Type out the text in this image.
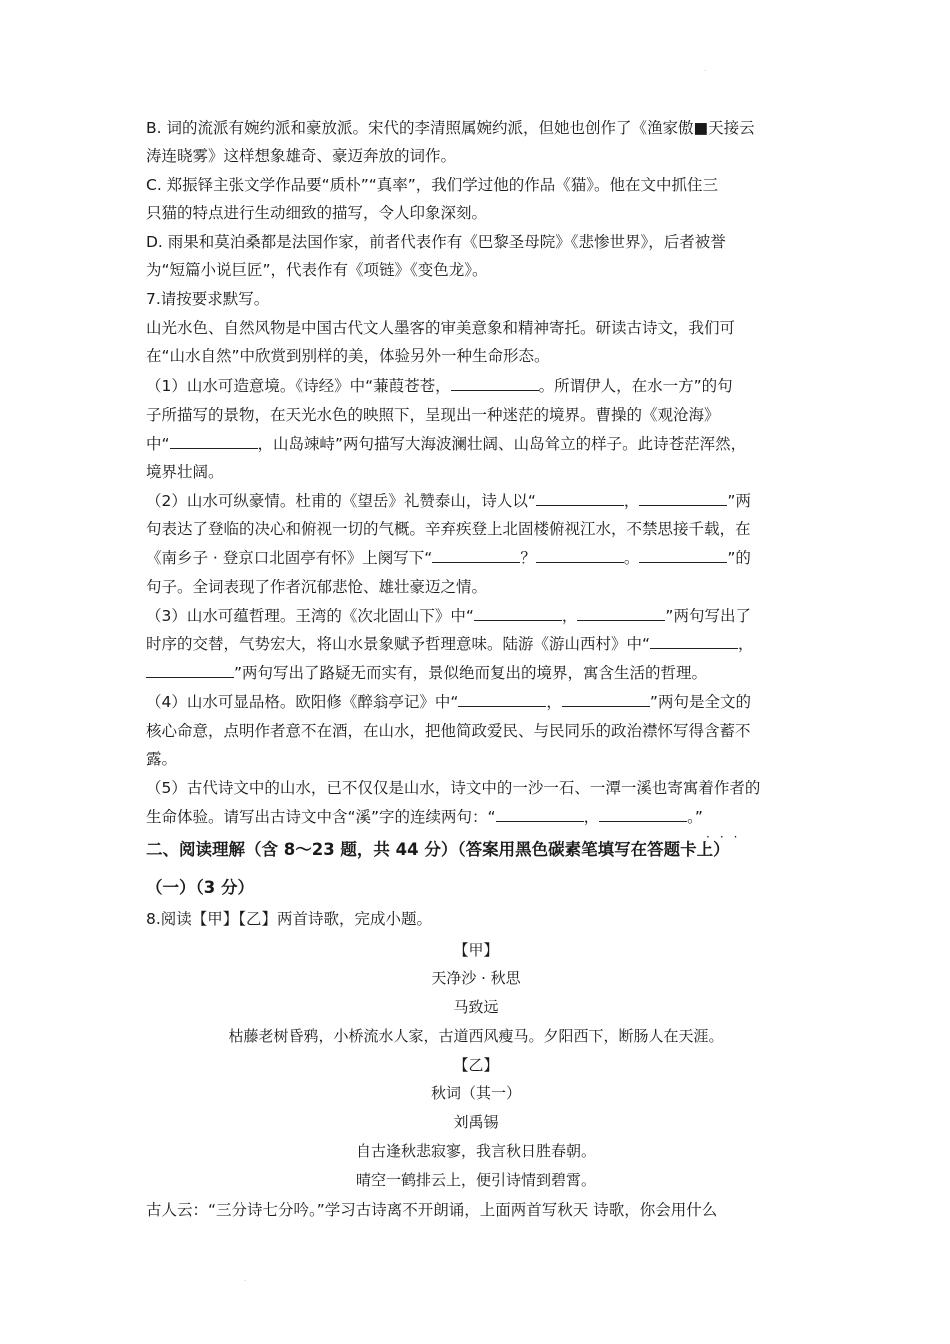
.
B. 词的流派有婉约派和豪放派。宋代的李清照属婉约派，但她也创作了《渔家傲■天接云
涛连晓雾》这样想象雄奇、豪迈奔放的词作。
C. 郑振铎主张文学作品要“质朴”“真率”，我们学过他的作品《猫》。他在文中抓住三
只猫的特点进行生动细致的描写，令人印象深刻。
D. 雨果和莫泊桑都是法国作家，前者代表作有《巴黎圣母院》《悲惨世界》，后者被誉
为“短篇小说巨匠”，代表作有《项链》《变色龙》。
7.请按要求默写。
山光水色、自然风物是中国古代文人墨客的审美意象和精神寄托。研读古诗文，我们可
在“山水自然”中欣赏到别样的美，体验另外一种生命形态。
（1）山水可造意境。《诗经》中“蒹葭苍苍，	。所谓伊人，在水一方”的句
子所描写的景物，在天光水色的映照下，呈现出一种迷茫的境界。曹操的《观沧海》
中“	，山岛竦峙”两句描写大海波澜壮阔、山岛耸立的样子。此诗苍茫浑然，
境界壮阔。
（2）山水可纵豪情。杜甫的《望岳》礼赞泰山，诗人以“	，	”两
句表达了登临的决心和俯视一切的气概。辛弃疾登上北固楼俯视江水，不禁思接千载，在
《南乡子 · 登京口北固亭有怀》上阕写下“	？	。	”的
句子。全词表现了作者沉郁悲怆、雄壮豪迈之情。
（3）山水可蕴哲理。王湾的《次北固山下》中“	，	”两句写出了
时序的交替，气势宏大，将山水景象赋予哲理意味。陆游《游山西村》中“	，
”两句写出了路疑无而实有，景似绝而复出的境界，寓含生活的哲理。
（4）山水可显品格。欧阳修《醉翁亭记》中“	，	”两句是全文的
核心命意，点明作者意不在酒，在山水，把他简政爱民、与民同乐的政治襟怀写得含蓄不
露。
（5）古代诗文中的山水，已不仅仅是山水，诗文中的一沙一石、一潭一溪也寄寓着作者的
生命体验。请写出古诗文中含“溪”字的连续两句：“	，	。”
···
二、阅读理解（含 8～23 题，共 44 分）（答案用黑色碳素笔填写在答题卡上）
（一）（3 分）
8.阅读【甲】【乙】两首诗歌，完成小题。
【甲】
天净沙 · 秋思
马致远
枯藤老树昏鸦，小桥流水人家，古道西风瘦马。夕阳西下，断肠人在天涯。
【乙】
秋词（其一）
刘禹锡
自古逢秋悲寂寥，我言秋日胜春朝。
晴空一鹤排云上，便引诗情到碧霄。
古人云：“三分诗七分吟。”学习古诗离不开朗诵，上面两首写秋天 诗歌，你会用什么
.
